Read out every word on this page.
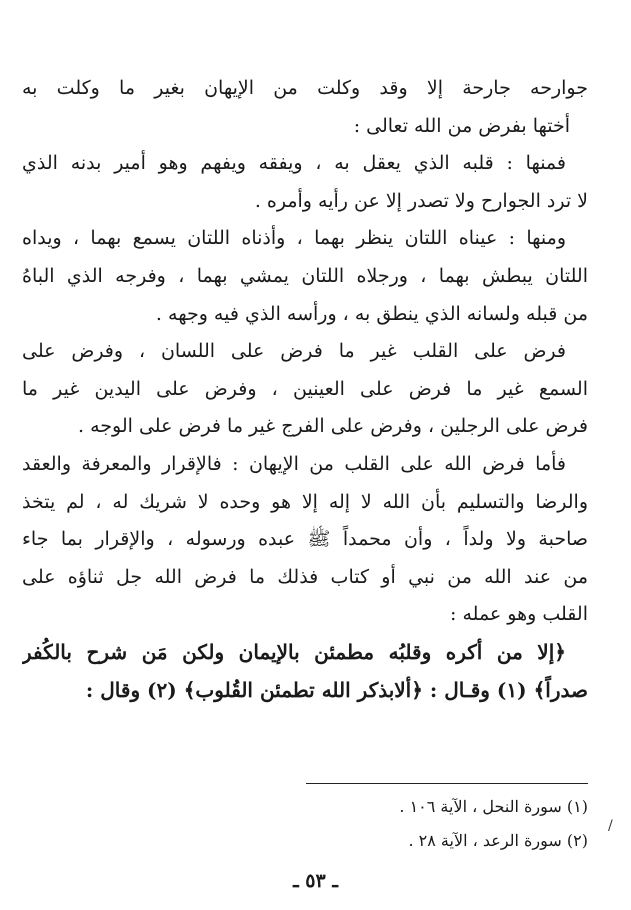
جوارحه جارحة إلا وقد وكلت من الإيهان بغير ما وكلت به
أختها بفرض من الله تعالى :
فمنها : قلبه الذي يعقل به ، ويفقه ويفهم وهو أمير بدنه الذي
لا ترد الجوارح ولا تصدر إلا عن رأيه وأمره .
ومنها : عيناه اللتان ينظر بهما ، وأذناه اللتان يسمع بهما ، ويداه
اللتان يبطش بهما ، ورجلاه اللتان يمشي بهما ، وفرجه الذي الباهُ
من قبله ولسانه الذي ينطق به ، ورأسه الذي فيه وجهه .
فرض على القلب غير ما فرض على اللسان ، وفرض على
السمع غير ما فرض على العينين ، وفرض على اليدين غير ما
فرض على الرجلين ، وفرض على الفرج غير ما فرض على الوجه .
فأما فرض الله على القلب من الإيهان : فالإقرار والمعرفة والعقد
والرضا والتسليم بأن الله لا إله إلا هو وحده لا شريك له ، لم يتخذ
صاحبة ولا ولداً ، وأن محمداً ﷺ عبده ورسوله ، والإقرار بما جاء
من عند الله من نبي أو كتاب فذلك ما فرض الله جل ثناؤه على
القلب وهو عمله :
﴿إلا من أكره وقلبُه مطمئن بالإيمان ولكن مَن شرح بالكُفر
صدراً﴾ (١) وقـال : ﴿ألابذكر الله تطمئن القُلوب﴾ (٢) وقال :
(١) سورة النحل ، الآية ١٠٦ .
(٢) سورة الرعد ، الآية ٢٨ .
/
ـ ٥٣ ـ
